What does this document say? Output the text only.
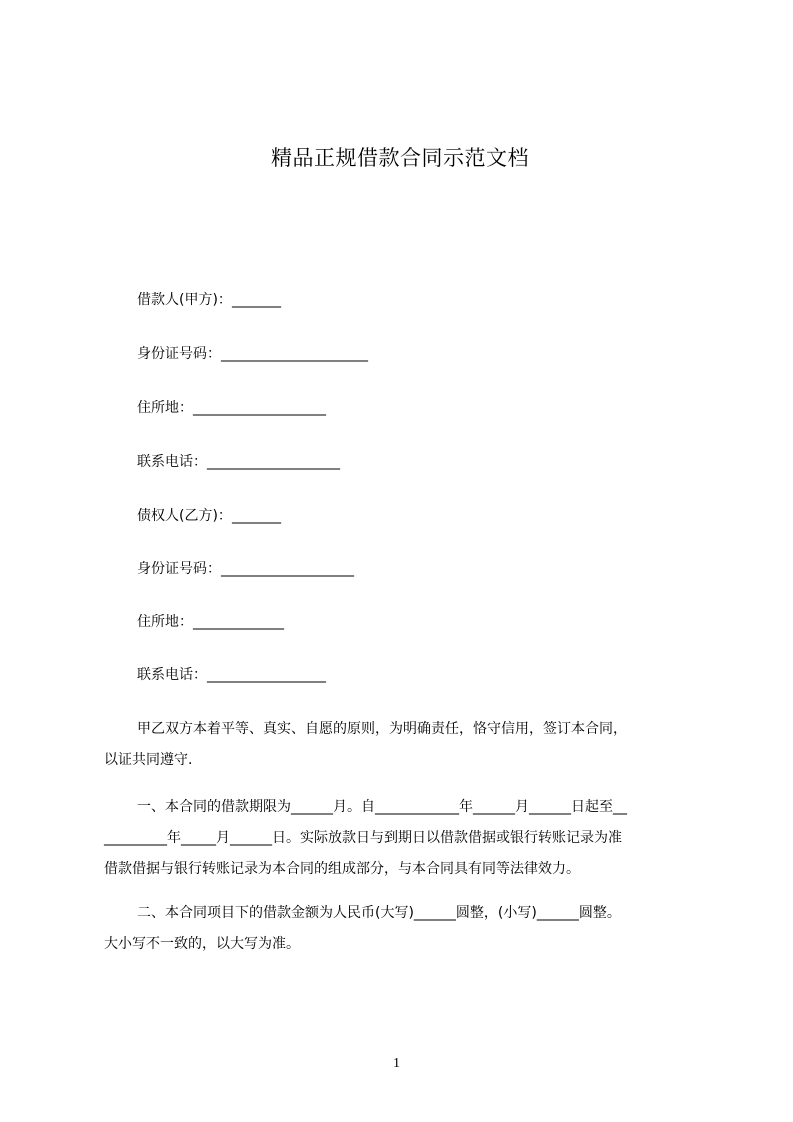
精品正规借款合同示范文档
借款人(甲方)：_______
身份证号码：_____________________
住所地：___________________
联系电话：___________________
债权人(乙方)：_______
身份证号码：___________________
住所地：_____________
联系电话：_________________
甲乙双方本着平等、真实、自愿的原则，为明确责任，恪守信用，签订本合同，
以证共同遵守.
一、本合同的借款期限为______月。自____________年______月______日起至__
_________年_____月______日。实际放款日与到期日以借款借据或银行转账记录为准
借款借据与银行转账记录为本合同的组成部分，与本合同具有同等法律效力。
二、本合同项目下的借款金额为人民币(大写)______圆整，(小写)______圆整。
大小写不一致的，以大写为准。
1
